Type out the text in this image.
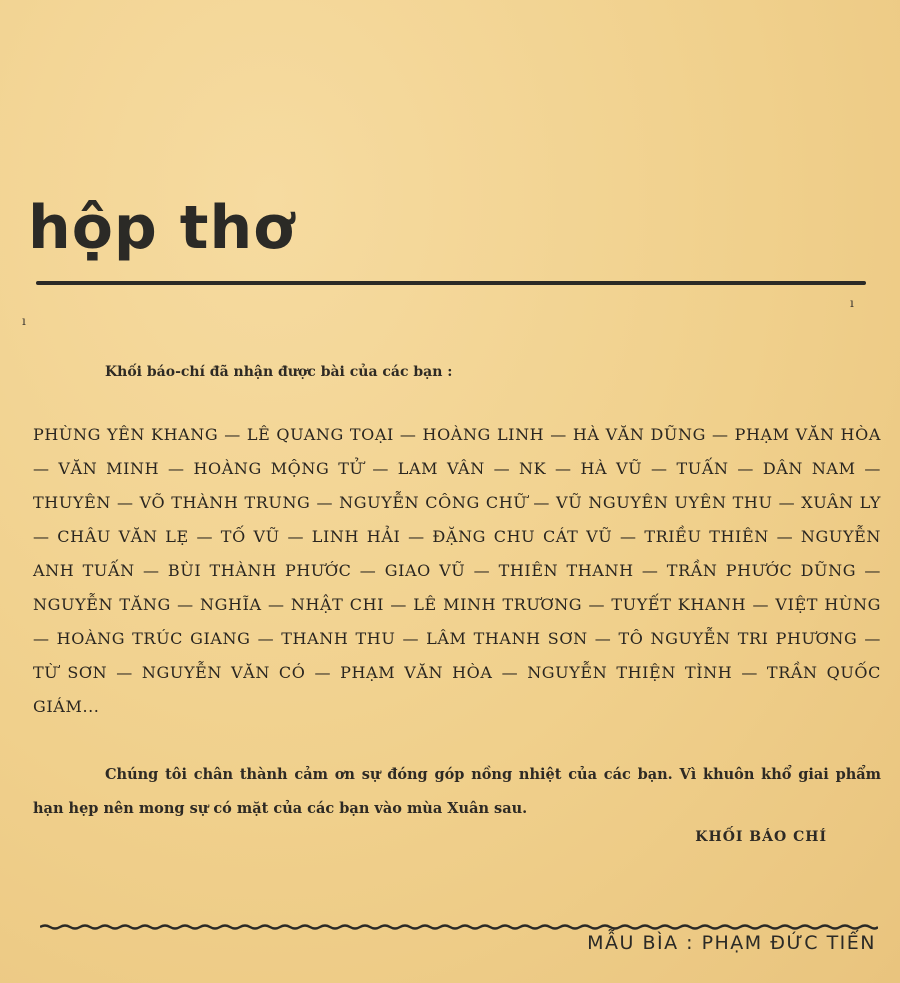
hộp thơ
ı
ı
Khối báo-chí đã nhận được bài của các bạn :

PHÙNG YÊN KHANG — LÊ QUANG TOẠI — HOÀNG LINH — HÀ VĂN DŨNG — PHẠM VĂN HÒA — VĂN MINH — HOÀNG MỘNG TỬ — LAM VÂN — NK — HÀ VŨ — TUẤN — DÂN NAM — THUYÊN — VÕ THÀNH TRUNG — NGUYỄN CÔNG CHỮ — VŨ NGUYÊN UYÊN THU — XUÂN LY — CHÂU VĂN LẸ — TỐ VŨ — LINH HẢI — ĐẶNG CHU CÁT VŨ — TRIỀU THIÊN — NGUYỄN ANH TUẤN — BÙI THÀNH PHƯỚC — GIAO VŨ — THIÊN THANH — TRẦN PHƯỚC DŨNG — NGUYỄN TĂNG — NGHĨA — NHẬT CHI — LÊ MINH TRƯƠNG — TUYẾT KHANH — VIỆT HÙNG — HOÀNG TRÚC GIANG — THANH THU — LÂM THANH SƠN — TÔ NGUYỄN TRI PHƯƠNG — TỪ SƠN — NGUYỄN VĂN CÓ — PHẠM VĂN HÒA — NGUYỄN THIỆN TÌNH — TRẦN QUỐC GIÁM...

Chúng tôi chân thành cảm ơn sự đóng góp nồng nhiệt của các bạn. Vì khuôn khổ giai phẩm hạn hẹp nên mong sự có mặt của các bạn vào mùa Xuân sau.

KHỐI BÁO CHÍ
MẪU BÌA : PHẠM ĐỨC TIẾN
